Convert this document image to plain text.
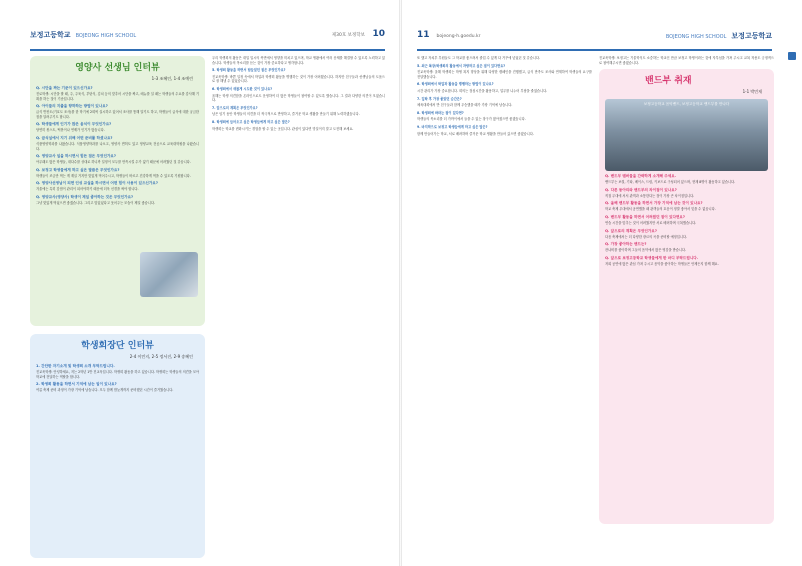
보정고등학교 BOJEONG HIGH SCHOOL	제30호 보정학보 10
영양사 선생님 인터뷰
1-3 조혜인, 1-4 조예린
Q. 시단을 짜는 기준이 있으신가요?
진로학생: 시단을 짤 때, 주, 주육식, 부탄식, 김치 등의 맞추어 시단을 짜고, 메뉴를 설 때는 학생들의 수요를 감사해 기획을 하는 것이 기준입니다.
Q. 아이들의 지출을 향하하는 방법이 있나요?
급식 반찬도(기호도 조사)를 한 학기에 2회씩 실시하고 있어서 조사를 통해 알기도 하고, 학생들이 급식에 대한 궁금한 점을 알려주기도 합니다.
Q. 학생들에게 인기가 많은 음식이 무엇인가요?
당연히 볶스트, 떡볶이나 연제가 인기가 많습니다.
Q. 급식실에서 지기 위해 어떤 준비를 하셨나요?
식품영양학과를 나왔습니다. 식품영양학과를 나오고, 영양사 면허도 있고 영양교육 전공으로 교육대학원을 나왔습니다.
Q. 영양교사 일을 하시면서 힘든 점은 무엇인가요?
아무래도 많은 학생들, 대다수를 상대로 하니까 일정이 모두를 만족시킬 수가 없기 때문에 어려웠던 것 같습니다.
Q. 보정고 학생들에게 하고 싶은 말씀은 무엇인가요?
학생들이 조금만 먹는 게 계실 거지만 맛있게 먹어주시고, 학생들이 바르고 건강하게 먹을 수 있도록 기원합니다.
Q. 영양사선생님이 되면 인성 교실을 하시면서 어떤 힘이 사용이 있으신가요?
겨울에는 특히 감염이 관리이 되어야하기 때문에 더욱 신경을 써야 합니다.
Q. 영양교사(영양사) 학생이 제일 좋아하는 것은 무엇인가요?
그냥 맛있게 먹었으면 좋겠습니다. 그리고 맛있었다고 웃어주는 모습이 제일 좋습니다.
학생회장단 인터뷰
2-4 이민지, 2-5 정서진, 2-9 송혜인
1. 간단한 자기소개 및 학생회 소개 부탁드립니다.
진교욱학생: 안녕하세요, 저는 2학년 1반 진교욱입니다. 학생회 활동을 하고 있습니다. 학생회는 학생들의 의견을 모아 학교에 전달하는 역할을 합니다.
2. 학생회 활동을 하면서 기억에 남는 일이 있나요?
여름 축제 준비 과정이 가장 기억에 남습니다. 모두 함께 밤늦게까지 준비했던 시간이 즐거웠습니다.

우리 학생회의 활동은 대입 입시의 측면에서 영향을 미치고 있으며, 학교 생활에서 여러 문제를 해결할 수 있도록 노력하고 있습니다. 학생들의 목소리를 듣는 것이 가장 중요하다고 생각합니다.

5. 학생회 활동을 하면서 힘들었던 점은 무엇인가요?

진교욱학생: 바쁜 일정 속에서 학업과 학생회 활동을 병행하는 것이 가장 어려웠습니다. 하지만 친구들과 선생님들의 도움으로 잘 해낼 수 있었습니다.

6. 학생회에서 새롭게 시도한 것이 있나요?

올해는 학생 의견함을 온라인으로도 운영하여 더 많은 학생들이 참여할 수 있도록 했습니다. 그 결과 다양한 의견이 모였습니다.

7. 앞으로의 계획은 무엇인가요?

남은 임기 동안 학생들의 의견을 더 적극적으로 반영하고, 즐거운 학교 생활을 만들기 위해 노력하겠습니다.

8. 학생회에 들어오고 싶은 학생들에게 하고 싶은 말은?

학생회는 학교를 변화시키는 경험을 할 수 있는 곳입니다. 관심이 있다면 망설이지 말고 도전해 보세요.

11 bojeong-h.goedu.kr	BOJEONG HIGH SCHOOL 보정고등학교

또 했고 자치부 부원들도 그 학교를 좋으려서 졸업 수 있게 다 거꾸에 넣었던 것 같습니다.

5. 최근 복장/학생회의 활동에서 자랑하고 싶은 점이 있다면요?

진교욱학생: 올해 학생회는 학생 복지 향상을 위해 다양한 캠페인을 진행했고, 급식 만족도 조사와 연계하여 학생들의 요구를 전달했습니다.

6. 학생회에서 학업과 활동을 병행하는 방법이 있나요?

시간 관리가 가장 중요합니다. 회의는 점심시간을 활용하고, 업무를 나누어 부담을 줄였습니다.

7. 입학 후 가장 좋았던 순간은?

체육대회에서 반 친구들과 함께 우승했을 때가 가장 기억에 남습니다.

8. 학생회에 바라는 점이 있다면?

학생들의 목소리를 더 가까이에서 들을 수 있는 창구가 많아졌으면 좋겠습니다.

9. 마지막으로 보정고 학생들에게 하고 싶은 말은?

함께 만들어가는 학교, 서로 배려하며 즐거운 학교 생활을 만들어 갔으면 좋겠습니다.

진교욱학생: 보정고는 기울학식도 소중하는 학교인 만큼 보정고 학생이라는 것에 자부심을 가져 주시고 교복 착용도 긍정적으로 참여해주시면 좋겠습니다.

밴드부 취재
1-1 박민재
보정고등학교 음악밴드, 보정고등학교 밴드부를 만나다
Q. 밴드부 멤버들을 간략하게 소개해 주세요.
밴드부는 보컬, 기타, 베이스, 드럼, 키보드로 구성되어 있으며, 현재 8명이 활동하고 있습니다.
Q. 다른 동아리와 밴드부의 차이점이 있나요?
직접 무대에 서서 관객과 소통한다는 점이 가장 큰 차이점입니다.
Q. 올해 밴드부 활동을 하면서 가장 기억에 남는 것이 있나요?
학교 축제 무대에서 공연했을 때 관객들의 호응이 정말 좋아서 잊을 수 없습니다.
Q. 밴드부 활동을 하면서 어려웠던 점이 있다면요?
연습 시간을 맞추는 것이 어려웠지만 서로 배려하며 극복했습니다.
Q. 앞으로의 계획은 무엇인가요?
다음 축제에서는 더 다양한 장르의 곡을 준비할 예정입니다.
Q. 가장 좋아하는 밴드는?
잔나비를 좋아하며 그들의 음악에서 많은 영감을 받습니다.
Q. 앞으로 보정고등학교 학생들에게 한 마디 부탁드립니다.
저희 공연에 많은 관심 가져 주시고 음악을 좋아하는 학생들은 언제든지 함께 해요.
